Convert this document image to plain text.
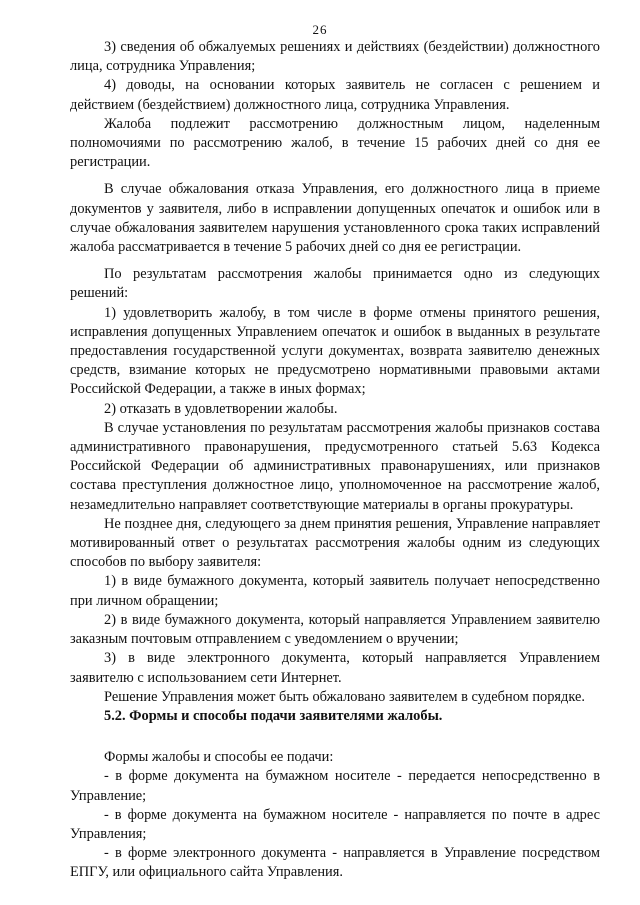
26

3) сведения об обжалуемых решениях и действиях (бездействии) должностного лица, сотрудника Управления;

4) доводы, на основании которых заявитель не согласен с решением и действием (бездействием) должностного лица, сотрудника Управления.

Жалоба подлежит рассмотрению должностным лицом, наделенным полномочиями по рассмотрению жалоб, в течение 15 рабочих дней со дня ее регистрации.

В случае обжалования отказа Управления, его должностного лица в приеме документов у заявителя, либо в исправлении допущенных опечаток и ошибок или в случае обжалования заявителем нарушения установленного срока таких исправлений жалоба рассматривается в течение 5 рабочих дней со дня ее регистрации.

По результатам рассмотрения жалобы принимается одно из следующих решений:

1) удовлетворить жалобу, в том числе в форме отмены принятого решения, исправления допущенных Управлением опечаток и ошибок в выданных в результате предоставления государственной услуги документах, возврата заявителю денежных средств, взимание которых не предусмотрено нормативными правовыми актами Российской Федерации, а также в иных формах;

2) отказать в удовлетворении жалобы.

В случае установления по результатам рассмотрения жалобы признаков состава административного правонарушения, предусмотренного статьей 5.63 Кодекса Российской Федерации об административных правонарушениях, или признаков состава преступления должностное лицо, уполномоченное на рассмотрение жалоб, незамедлительно направляет соответствующие материалы в органы прокуратуры.

Не позднее дня, следующего за днем принятия решения, Управление направляет мотивированный ответ о результатах рассмотрения жалобы одним из следующих способов по выбору заявителя:

1) в виде бумажного документа, который заявитель получает непосредственно при личном обращении;

2) в виде бумажного документа, который направляется Управлением заявителю заказным почтовым отправлением с уведомлением о вручении;

3) в виде электронного документа, который направляется Управлением заявителю с использованием сети Интернет.

Решение Управления может быть обжаловано заявителем в судебном порядке.

5.2. Формы и способы подачи заявителями жалобы.

Формы жалобы и способы ее подачи:

- в форме документа на бумажном носителе - передается непосредственно в Управление;

- в форме документа на бумажном носителе - направляется по почте в адрес Управления;

- в форме электронного документа - направляется в Управление посредством ЕПГУ, или официального сайта Управления.
